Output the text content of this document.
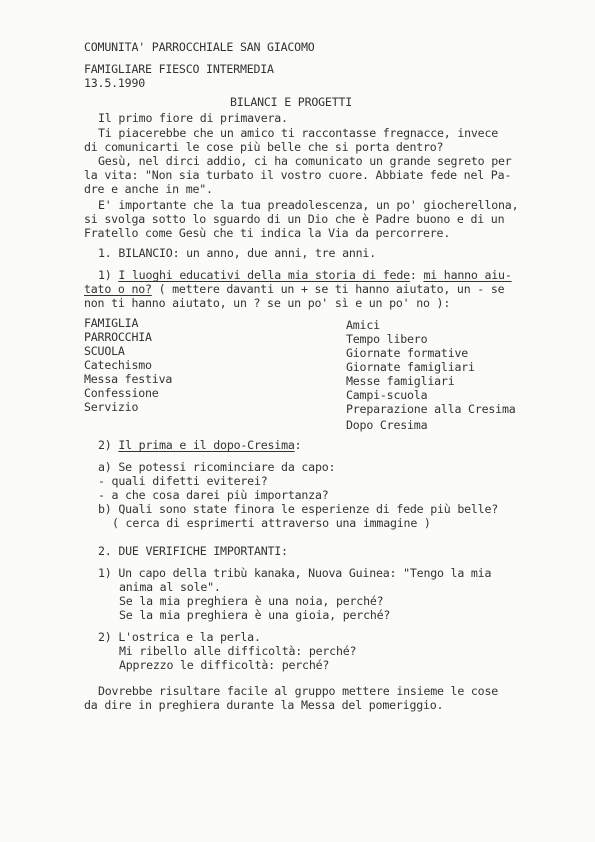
COMUNITA' PARROCCHIALE SAN GIACOMO
FAMIGLIARE FIESCO INTERMEDIA
13.5.1990
BILANCI E PROGETTI
Il primo fiore di primavera.
Ti piacerebbe che un amico ti raccontasse fregnacce, invece
di comunicarti le cose più belle che si porta dentro?
Gesù, nel dirci addio, ci ha comunicato un grande segreto per
la vita: "Non sia turbato il vostro cuore. Abbiate fede nel Pa-
dre e anche in me".
E' importante che la tua preadolescenza, un po' giocherellona,
si svolga sotto lo sguardo di un Dio che è Padre buono e di un
Fratello come Gesù che ti indica la Via da percorrere.
1. BILANCIO: un anno, due anni, tre anni.
1) I luoghi educativi della mia storia di fede: mi hanno aiu-
tato o no? ( mettere davanti un + se ti hanno aiutato, un - se
non ti hanno aiutato, un ? se un po' sì e un po' no ):
FAMIGLIA
PARROCCHIA
SCUOLA
Catechismo
Messa festiva
Confessione
Servizio
Amici
Tempo libero
Giornate formative
Giornate famigliari
Messe famigliari
Campi-scuola
Preparazione alla Cresima
Dopo Cresima
2) Il prima e il dopo-Cresima:
a) Se potessi ricominciare da capo:
- quali difetti eviterei?
- a che cosa darei più importanza?
b) Quali sono state finora le esperienze di fede più belle?
( cerca di esprimerti attraverso una immagine )
2. DUE VERIFICHE IMPORTANTI:
1) Un capo della tribù kanaka, Nuova Guinea: "Tengo la mia
anima al sole".
Se la mia preghiera è una noia, perché?
Se la mia preghiera è una gioia, perché?
2) L'ostrica e la perla.
Mi ribello alle difficoltà: perché?
Apprezzo le difficoltà: perché?
Dovrebbe risultare facile al gruppo mettere insieme le cose
da dire in preghiera durante la Messa del pomeriggio.
